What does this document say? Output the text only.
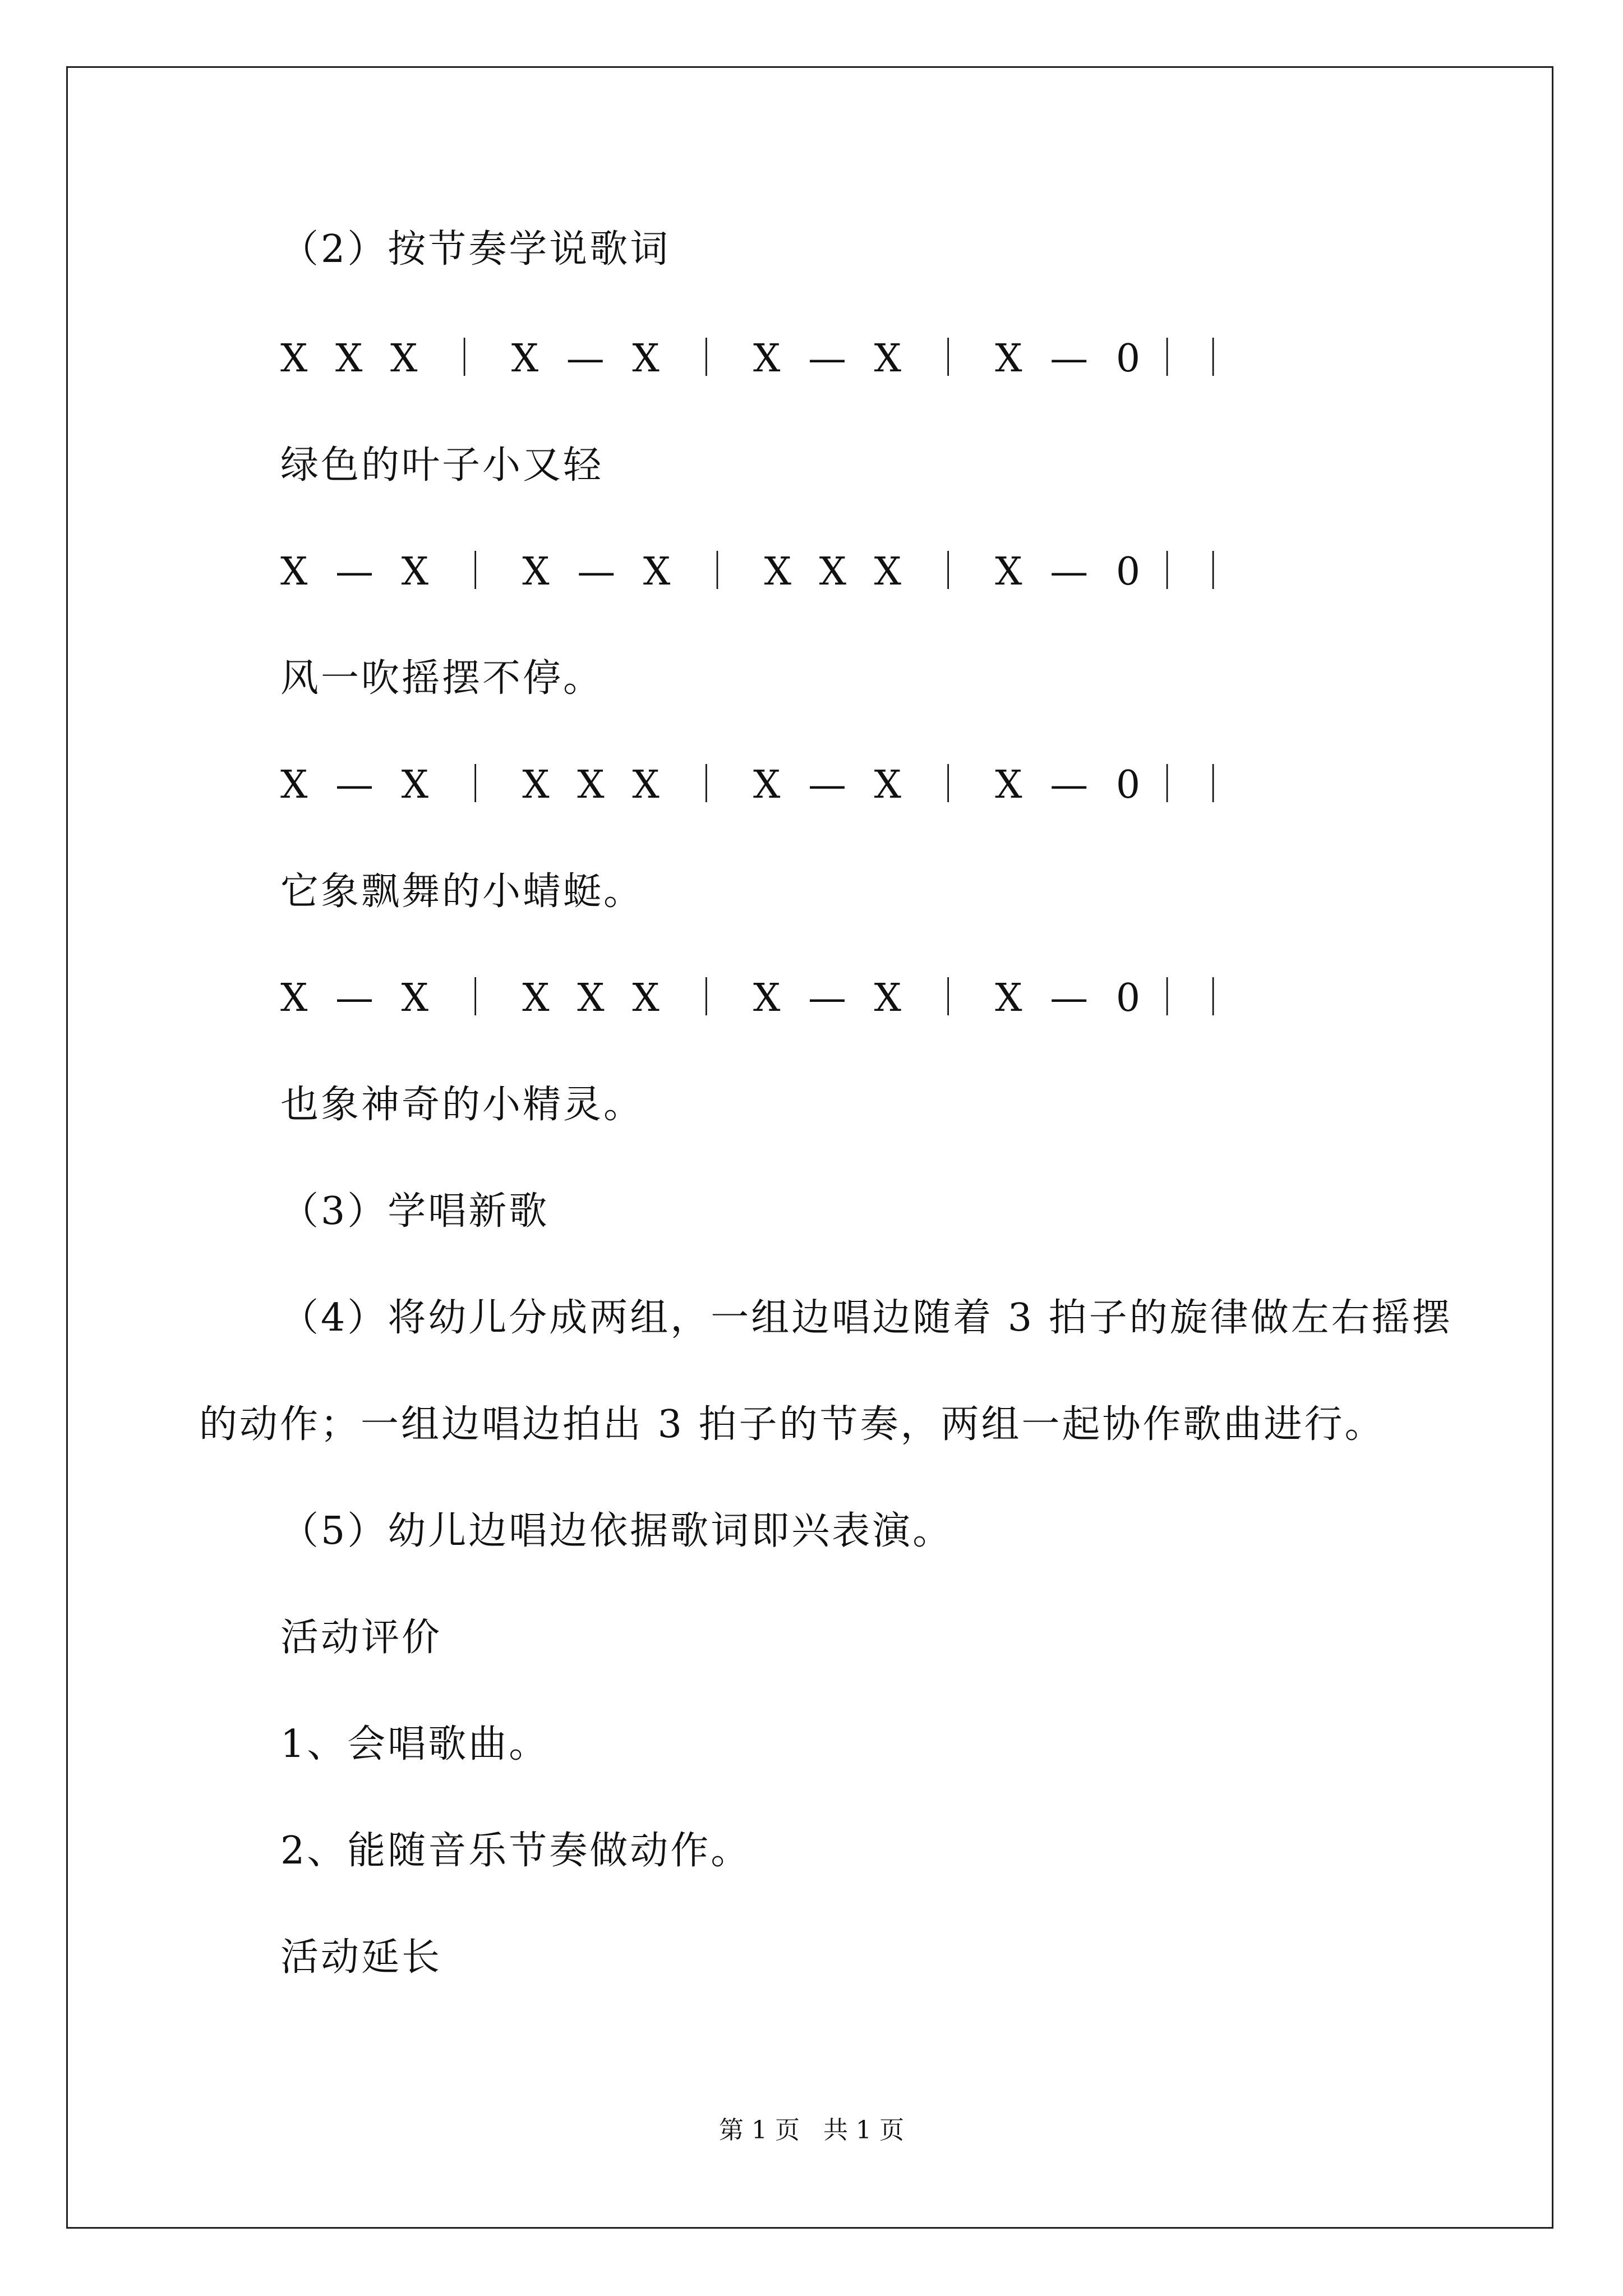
（2）按节奏学说歌词
X X X ｜ X — X ｜ X — X ｜ X — 0｜｜
绿色的叶子小又轻
X — X ｜ X — X ｜ X X X ｜ X — 0｜｜
风一吹摇摆不停。
X — X ｜ X X X ｜ X — X ｜ X — 0｜｜
它象飘舞的小蜻蜓。
X — X ｜ X X X ｜ X — X ｜ X — 0｜｜
也象神奇的小精灵。
（3）学唱新歌
（4）将幼儿分成两组，一组边唱边随着 3 拍子的旋律做左右摇摆
的动作；一组边唱边拍出 3 拍子的节奏，两组一起协作歌曲进行。
（5）幼儿边唱边依据歌词即兴表演。
活动评价
1、会唱歌曲。
2、能随音乐节奏做动作。
活动延长
第 1 页   共 1 页
